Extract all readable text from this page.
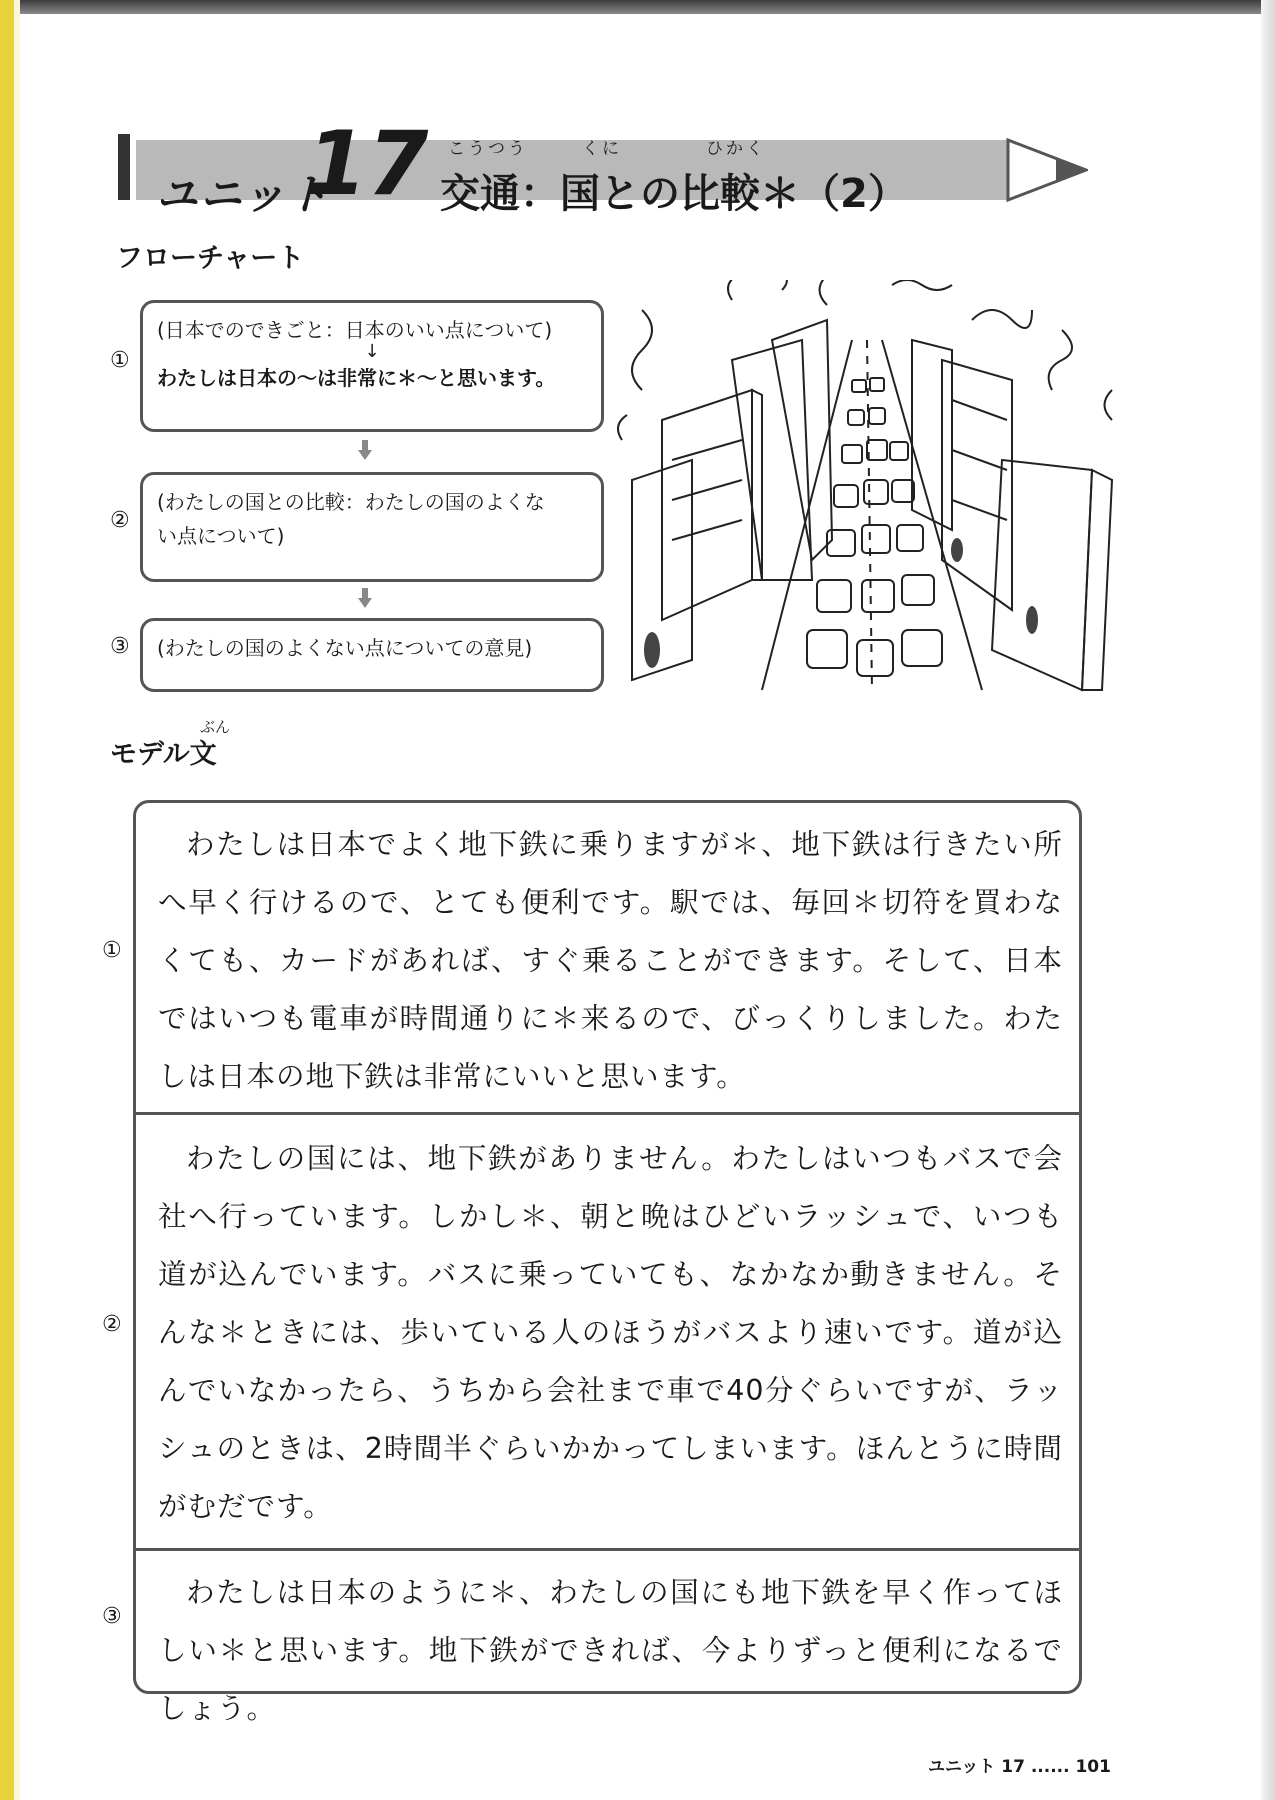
ユニット
17 こうつう	くに	ひかく
交通：国との比較＊（2）
フローチャート
①
(日本でのできごと：日本のいい点について)
↓
わたしは日本の〜は非常に＊〜と思います。
②
(わたしの国との比較：わたしの国のよくな
い点について)
③ (わたしの国のよくない点についての意見)
ぶん
モデル文
①
わたしは日本でよく地下鉄に乗りますが＊、地下鉄は行きたい所へ早く行けるので、とても便利です。駅では、毎回＊切符を買わなくても、カードがあれば、すぐ乗ることができます。そして、日本ではいつも電車が時間通りに＊来るので、びっくりしました。わたしは日本の地下鉄は非常にいいと思います。
②
わたしの国には、地下鉄がありません。わたしはいつもバスで会社へ行っています。しかし＊、朝と晩はひどいラッシュで、いつも道が込んでいます。バスに乗っていても、なかなか動きません。そんな＊ときには、歩いている人のほうがバスより速いです。道が込んでいなかったら、うちから会社まで車で40分ぐらいですが、ラッシュのときは、2時間半ぐらいかかってしまいます。ほんとうに時間がむだです。
③
わたしは日本のように＊、わたしの国にも地下鉄を早く作ってほしい＊と思います。地下鉄ができれば、今よりずっと便利になるでしょう。
ユニット 17 ...... 101
